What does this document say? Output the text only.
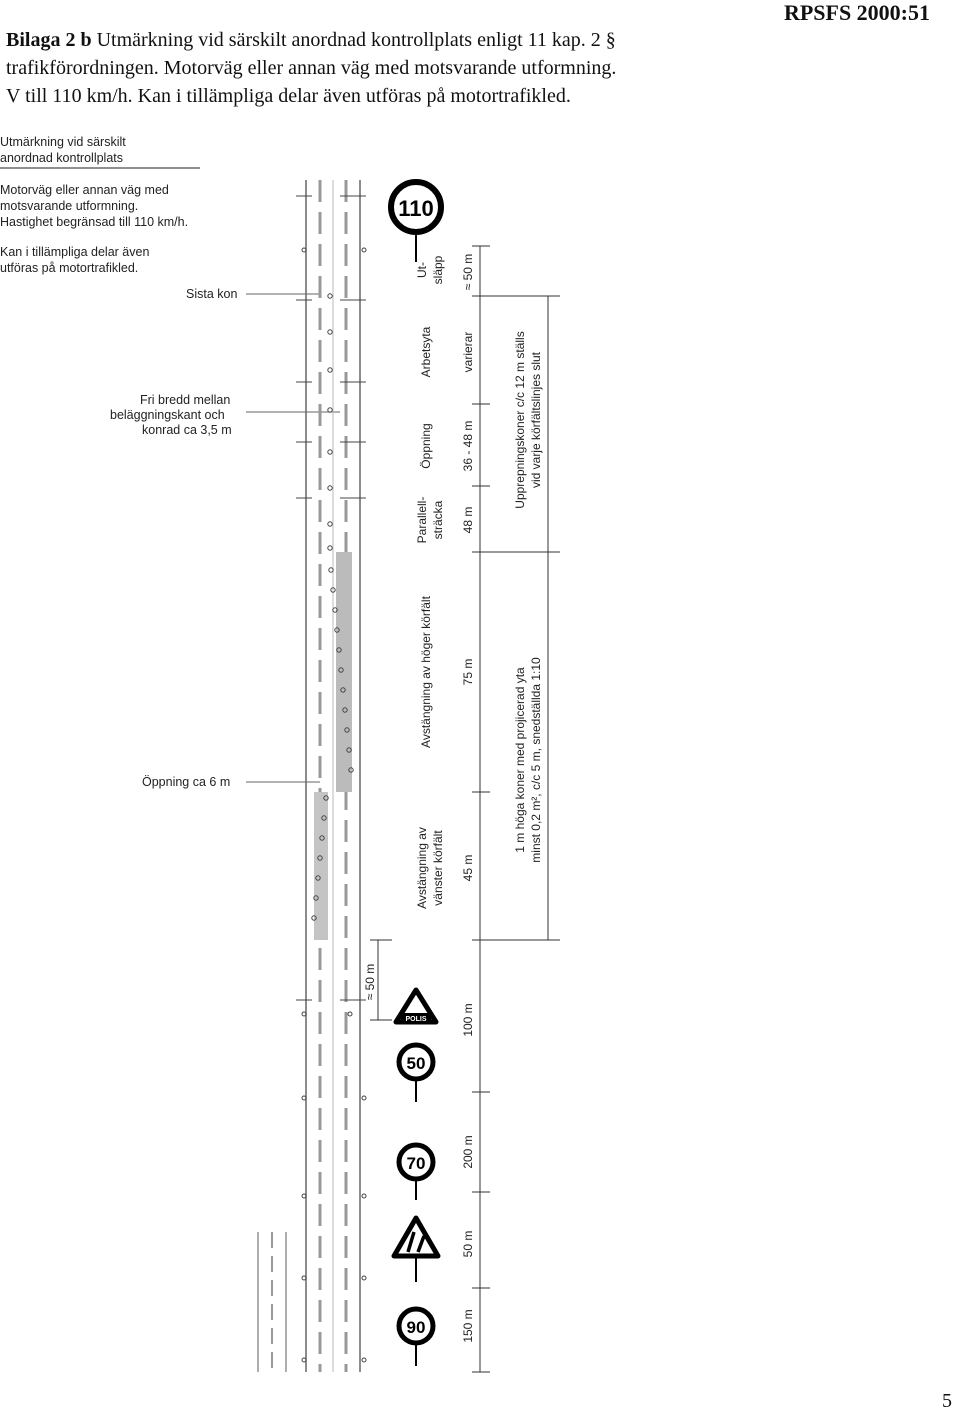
RPSFS 2000:51
Bilaga 2 b Utmärkning vid särskilt anordnad kontrollplats enligt 11 kap. 2 §
trafikförordningen. Motorväg eller annan väg med motsvarande utformning.
V till 110 km/h. Kan i tillämpliga delar även utföras på motortrafikled.
Utmärkning vid särskilt
anordnad kontrollplats
Motorväg eller annan väg med
motsvarande utformning.
Hastighet begränsad till 110 km/h.
Kan i tillämpliga delar även
utföras på motortrafikled.
Sista kon
Fri bredd mellan
beläggningskant och
konrad ca 3,5 m
Öppning ca 6 m
110
POLIS
50
70
90
≈ 50 m
varierar
36 - 48 m
48 m
75 m
45 m
≈ 50 m
100 m
200 m
50 m
150 m
Ut- släpp
Arbetsyta
Öppning
Parallell- sträcka
Avstängning av höger körfält
Avstängning av vänster körfält
Upprepningskoner c/c 12 m ställs vid varje körfältslinjes slut
1 m höga koner med projicerad yta minst 0,2 m², c/c 5 m, snedställda 1:10
5
